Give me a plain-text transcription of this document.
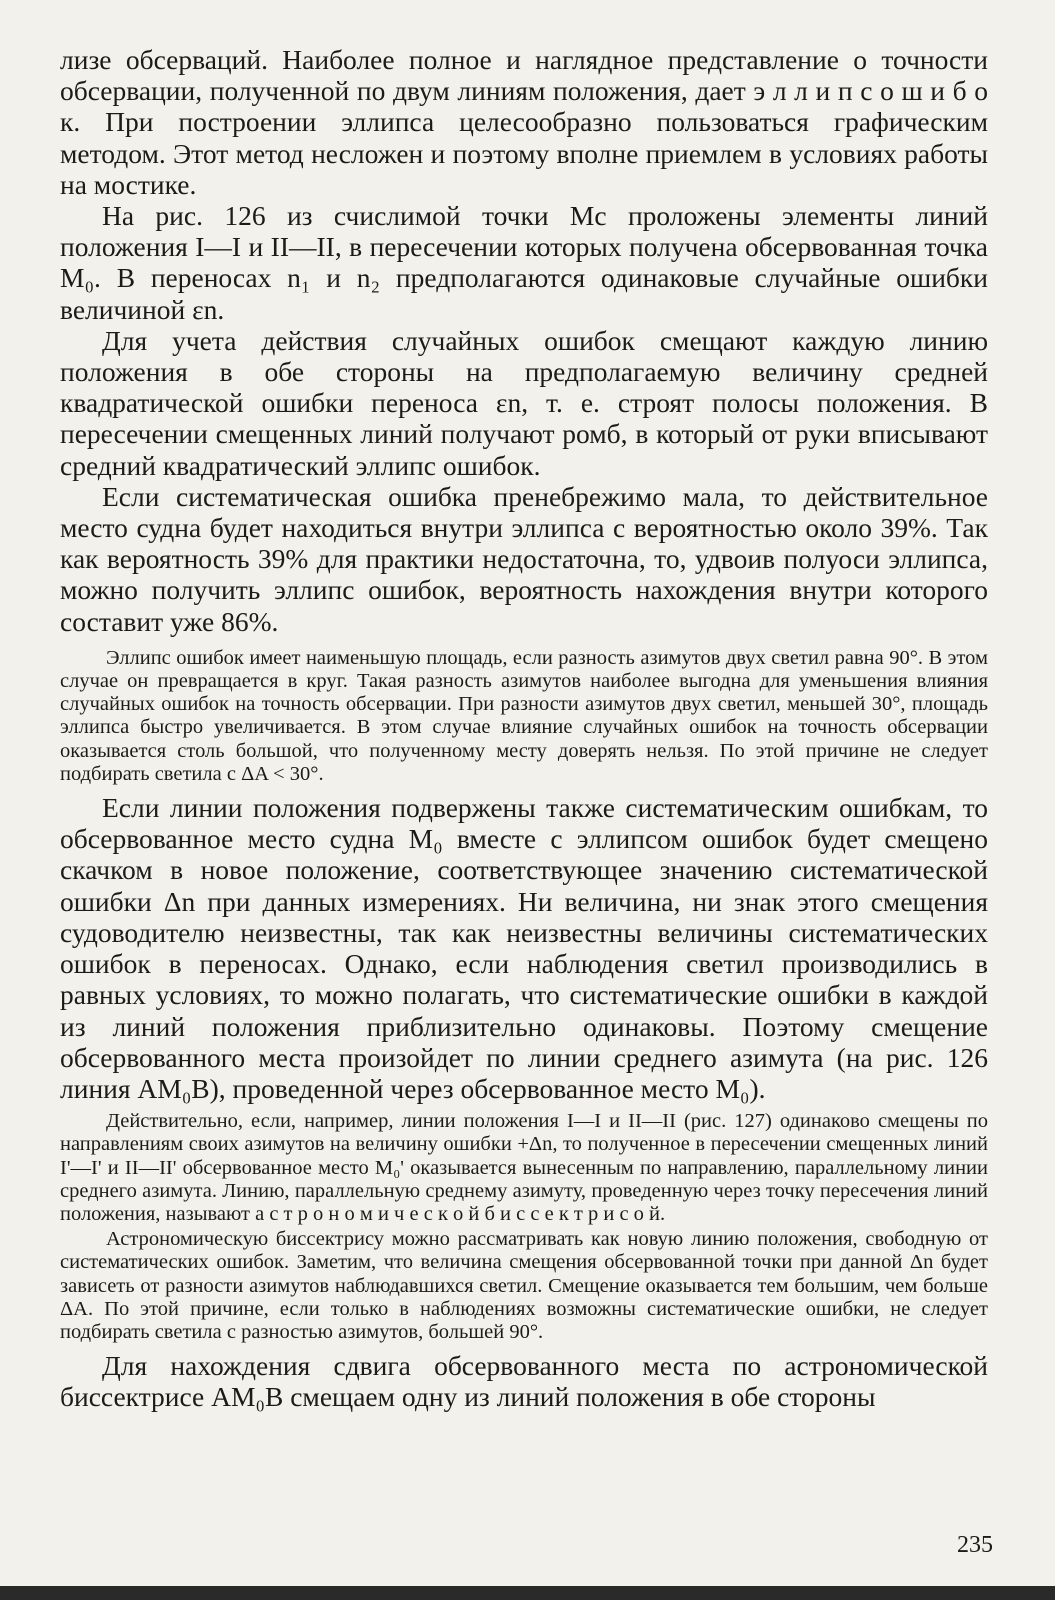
лизе обсерваций. Наиболее полное и наглядное представление о точности обсервации, полученной по двум линиям положения, дает э л л и п с о ш и б о к. При построении эллипса целесообразно пользоваться графическим методом. Этот метод несложен и поэтому вполне приемлем в условиях работы на мостике.

На рис. 126 из счислимой точки Mc проложены элементы линий положения I—I и II—II, в пересечении которых получена обсервованная точка M₀. В переносах n₁ и n₂ предполагаются одинаковые случайные ошибки величиной εn.

Для учета действия случайных ошибок смещают каждую линию положения в обе стороны на предполагаемую величину средней квадратической ошибки переноса εn, т. е. строят полосы положения. В пересечении смещенных линий получают ромб, в который от руки вписывают средний квадратический эллипс ошибок.

Если систематическая ошибка пренебрежимо мала, то действительное место судна будет находиться внутри эллипса с вероятностью около 39%. Так как вероятность 39% для практики недостаточна, то, удвоив полуоси эллипса, можно получить эллипс ошибок, вероятность нахождения внутри которого составит уже 86%.

Эллипс ошибок имеет наименьшую площадь, если разность азимутов двух светил равна 90°. В этом случае он превращается в круг. Такая разность азимутов наиболее выгодна для уменьшения влияния случайных ошибок на точность обсервации. При разности азимутов двух светил, меньшей 30°, площадь эллипса быстро увеличивается. В этом случае влияние случайных ошибок на точность обсервации оказывается столь большой, что полученному месту доверять нельзя. По этой причине не следует подбирать светила с ΔA < 30°.

Если линии положения подвержены также систематическим ошибкам, то обсервованное место судна M₀ вместе с эллипсом ошибок будет смещено скачком в новое положение, соответствующее значению систематической ошибки Δn при данных измерениях. Ни величина, ни знак этого смещения судоводителю неизвестны, так как неизвестны величины систематических ошибок в переносах. Однако, если наблюдения светил производились в равных условиях, то можно полагать, что систематические ошибки в каждой из линий положения приблизительно одинаковы. Поэтому смещение обсервованного места произойдет по линии среднего азимута (на рис. 126 линия AM₀B), проведенной через обсервованное место M₀).

Действительно, если, например, линии положения I—I и II—II (рис. 127) одинаково смещены по направлениям своих азимутов на величину ошибки +Δn, то полученное в пересечении смещенных линий I'—I' и II—II' обсервованное место M₀' оказывается вынесенным по направлению, параллельному линии среднего азимута. Линию, параллельную среднему азимуту, проведенную через точку пересечения линий положения, называют а с т р о н о м и ч е с к о й б и с с е к т р и с о й.

Астрономическую биссектрису можно рассматривать как новую линию положения, свободную от систематических ошибок. Заметим, что величина смещения обсервованной точки при данной Δn будет зависеть от разности азимутов наблюдавшихся светил. Смещение оказывается тем большим, чем больше ΔA. По этой причине, если только в наблюдениях возможны систематические ошибки, не следует подбирать светила с разностью азимутов, большей 90°.

Для нахождения сдвига обсервованного места по астрономической биссектрисе AM₀B смещаем одну из линий положения в обе стороны

235
